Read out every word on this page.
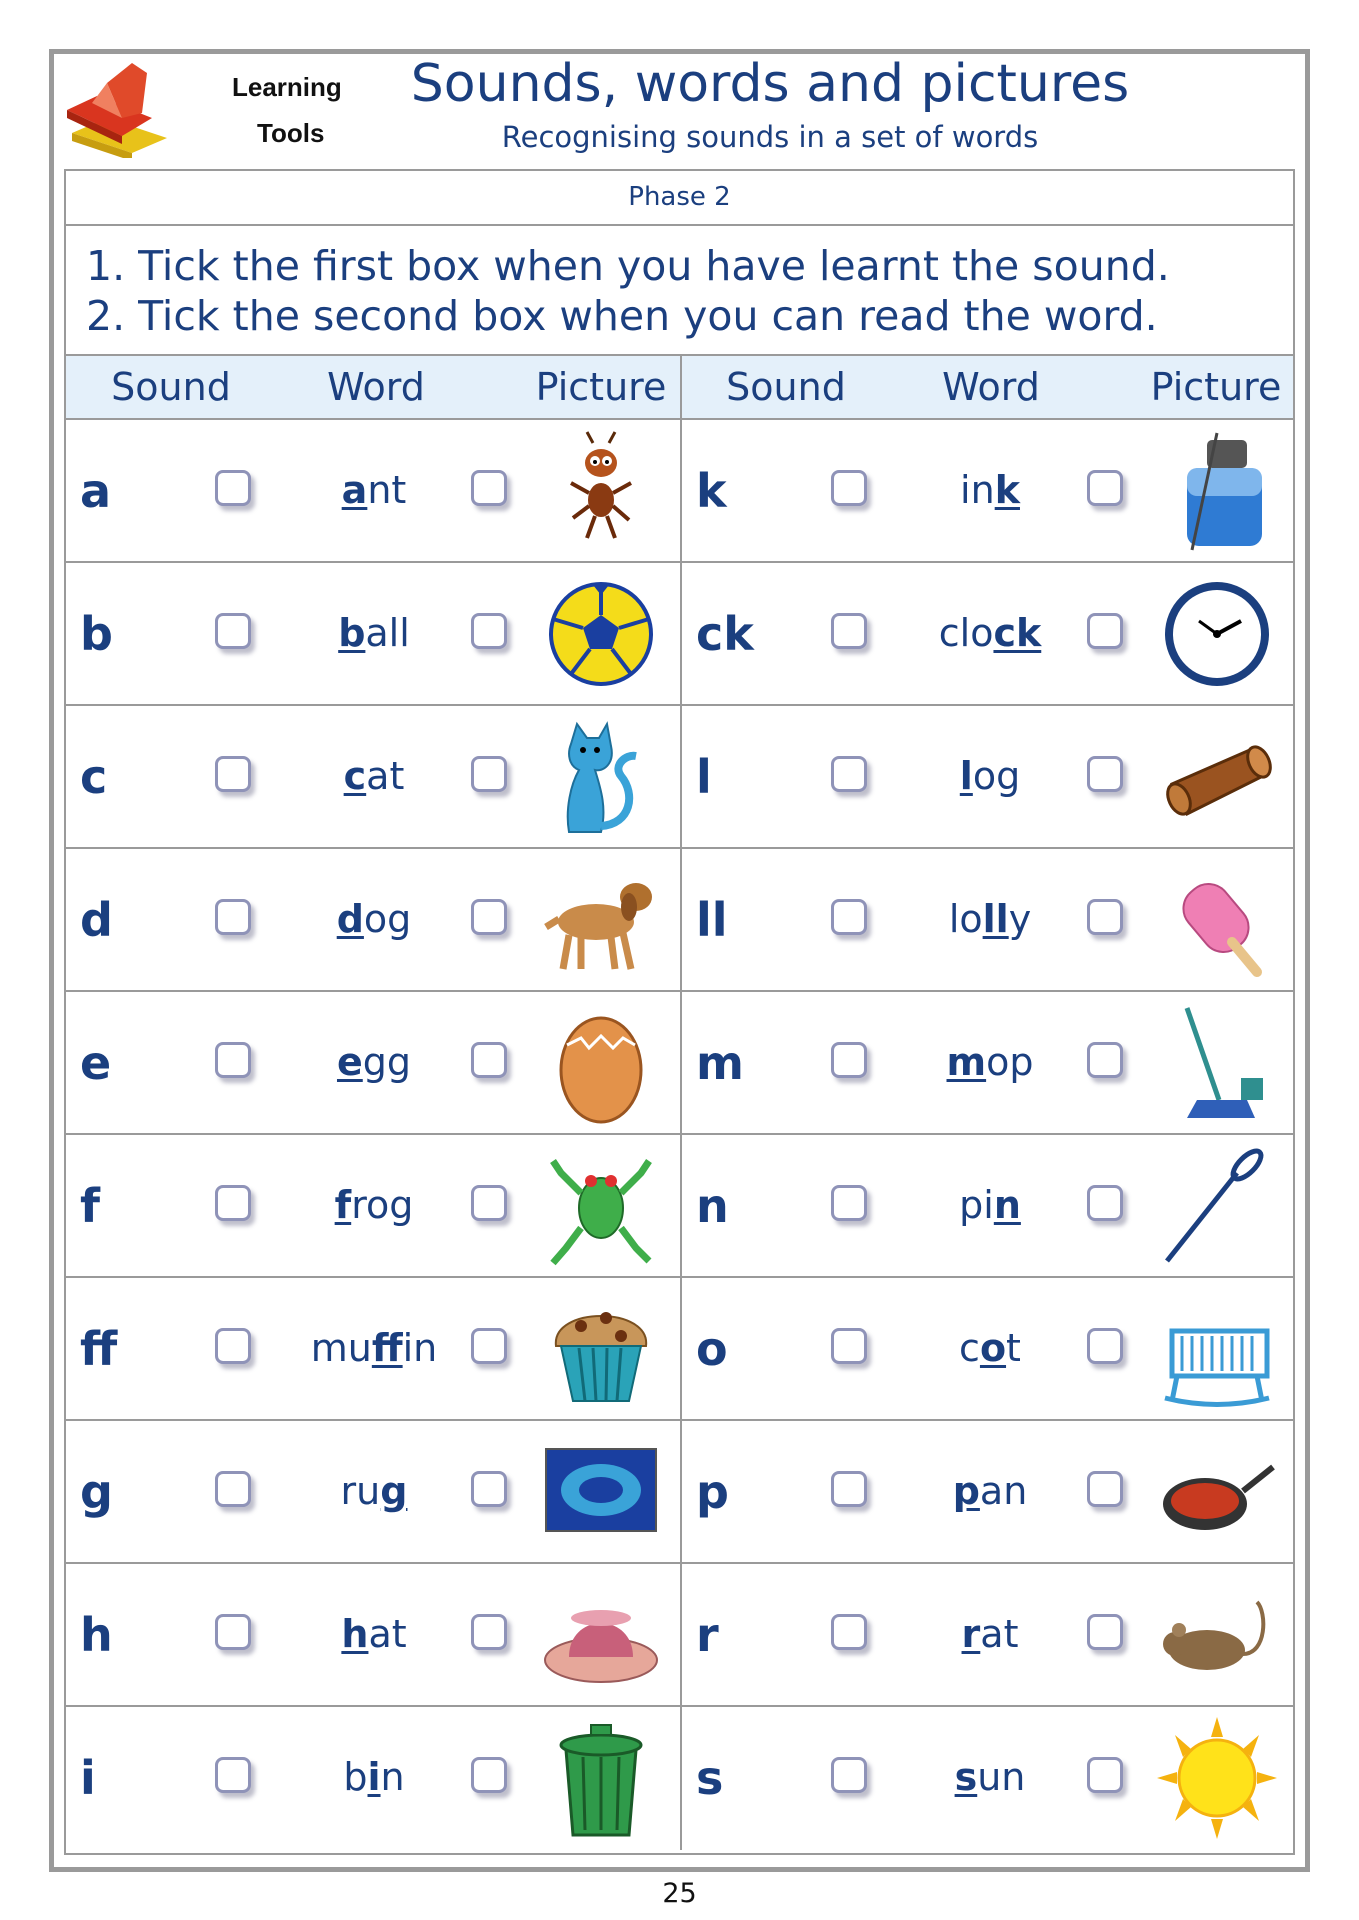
Learning
Tools
Sounds, words and pictures
Recognising sounds in a set of words
Phase 2
1. Tick the first box when you have learnt the sound.
2. Tick the second box when you can read the word.
Sound	Word	Picture	Sound	Word	Picture
a	ant	k	ink
b	ball	ck	clock
c	cat	l	log
d	dog	ll	lolly
e	egg	m	mop
f	frog	n	pin
ff	muffin	o	cot
g	rug	p	pan
h	hat	r	rat
i	bin	s	sun
25
